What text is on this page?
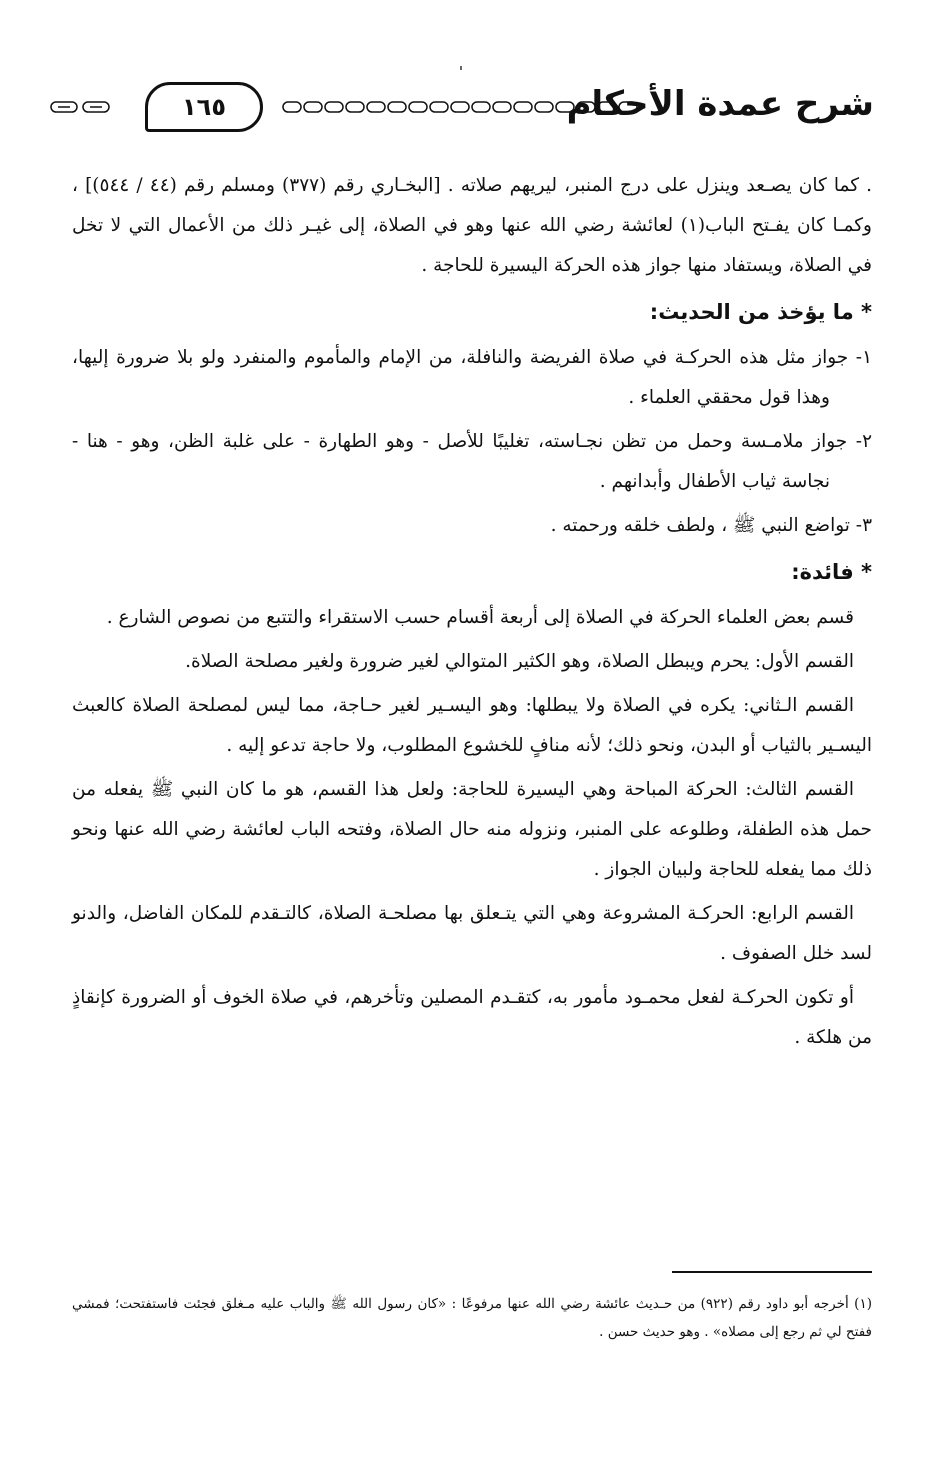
١٦٥	شرح عمدة الأحكام

. كما كان يصـعد وينزل على درج المنبر، ليريهم صلاته . [البخـاري رقم (٣٧٧) ومسلم رقم (٤٤ / ٥٤٤)] ، وكمـا كان يفـتح الباب(١) لعائشة رضي الله عنها وهو في الصلاة، إلى غيـر ذلك من الأعمال التي لا تخل في الصلاة، ويستفاد منها جواز هذه الحركة اليسيرة للحاجة .

* ما يؤخذ من الحديث:

١- جواز مثل هذه الحركـة في صلاة الفريضة والنافلة، من الإمام والمأموم والمنفرد ولو بلا ضرورة إليها، وهذا قول محققي العلماء .

٢- جواز ملامـسة وحمل من تظن نجـاسته، تغليبًا للأصل - وهو الطهارة - على غلبة الظن، وهو - هنا - نجاسة ثياب الأطفال وأبدانهم .

٣- تواضع النبي ﷺ ، ولطف خلقه ورحمته .

* فائدة:

قسم بعض العلماء الحركة في الصلاة إلى أربعة أقسام حسب الاستقراء والتتبع من نصوص الشارع .

القسم الأول: يحرم ويبطل الصلاة، وهو الكثير المتوالي لغير ضرورة ولغير مصلحة الصلاة.

القسم الـثاني: يكره في الصلاة ولا يبطلها: وهو اليسـير لغير حـاجة، مما ليس لمصلحة الصلاة كالعبث اليسـير بالثياب أو البدن، ونحو ذلك؛ لأنه منافٍ للخشوع المطلوب، ولا حاجة تدعو إليه .

القسم الثالث: الحركة المباحة وهي اليسيرة للحاجة: ولعل هذا القسم، هو ما كان النبي ﷺ يفعله من حمل هذه الطفلة، وطلوعه على المنبر، ونزوله منه حال الصلاة، وفتحه الباب لعائشة رضي الله عنها ونحو ذلك مما يفعله للحاجة ولبيان الجواز .

القسم الرابع: الحركـة المشروعة وهي التي يتـعلق بها مصلحـة الصلاة، كالتـقدم للمكان الفاضل، والدنو لسد خلل الصفوف .

أو تكون الحركـة لفعل محمـود مأمور به، كتقـدم المصلين وتأخرهم، في صلاة الخوف أو الضرورة كإنقاذٍ من هلكة .

(١) أخرجه أبو داود رقم (٩٢٢) من حـديث عائشة رضي الله عنها مرفوعًا : «كان رسول الله ﷺ والباب عليه مـغلق فجئت فاستفتحت؛ فمشي ففتح لي ثم رجع إلى مصلاه» . وهو حديث حسن .
